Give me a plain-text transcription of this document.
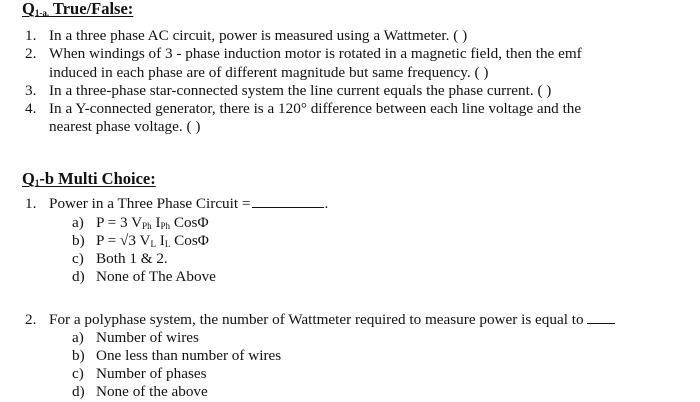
Q1-a. True/False:
1. In a three phase AC circuit, power is measured using a Wattmeter. ( )
2. When windings of 3 - phase induction motor is rotated in a magnetic field, then the emf
induced in each phase are of different magnitude but same frequency. ( )
3. In a three-phase star-connected system the line current equals the phase current. ( )
4. In a Y-connected generator, there is a 120° difference between each line voltage and the
nearest phase voltage. ( )
Q1-b Multi Choice:
1. Power in a Three Phase Circuit =	.
a) P = 3 $V_{Ph}$ $I_{Ph}$ CosΦ
b) P = √3 $V_L$ $I_L$ CosΦ
c) Both 1 & 2.
d) None of The Above
2. For a polyphase system, the number of Wattmeter required to measure power is equal to
a) Number of wires
b) One less than number of wires
c) Number of phases
d) None of the above
